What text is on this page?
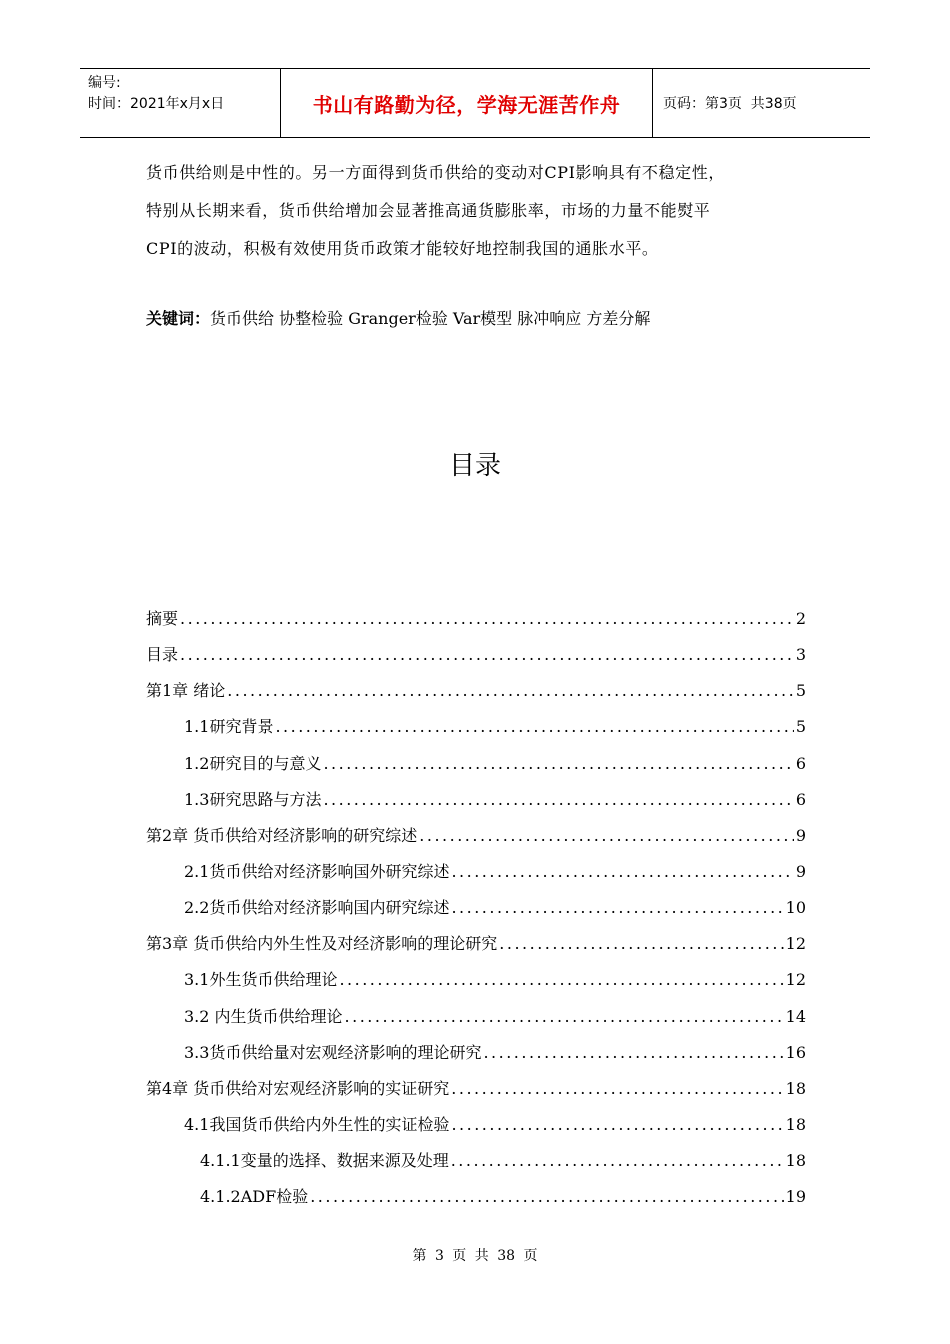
编号:
时间：2021年x月x日	书山有路勤为径，学海无涯苦作舟	页码：第3页  共38页
货币供给则是中性的。另一方面得到货币供给的变动对CPI影响具有不稳定性，
特别从长期来看，货币供给增加会显著推高通货膨胀率，市场的力量不能熨平
CPI的波动，积极有效使用货币政策才能较好地控制我国的通胀水平。
关键词：货币供给 协整检验 Granger检验 Var模型 脉冲响应 方差分解
目录
摘要 .....	2
目录 .....	3
第1章 绪论 .....	5
1.1研究背景 .....	5
1.2研究目的与意义 .....	6
1.3研究思路与方法 .....	6
第2章 货币供给对经济影响的研究综述 .....	9
2.1货币供给对经济影响国外研究综述 .....	9
2.2货币供给对经济影响国内研究综述 .....	10
第3章 货币供给内外生性及对经济影响的理论研究 .....	12
3.1外生货币供给理论 .....	12
3.2 内生货币供给理论 .....	14
3.3货币供给量对宏观经济影响的理论研究 .....	16
第4章 货币供给对宏观经济影响的实证研究 .....	18
4.1我国货币供给内外生性的实证检验 .....	18
4.1.1变量的选择、数据来源及处理 .....	18
4.1.2ADF检验 .....	19
第 3 页 共 38 页
